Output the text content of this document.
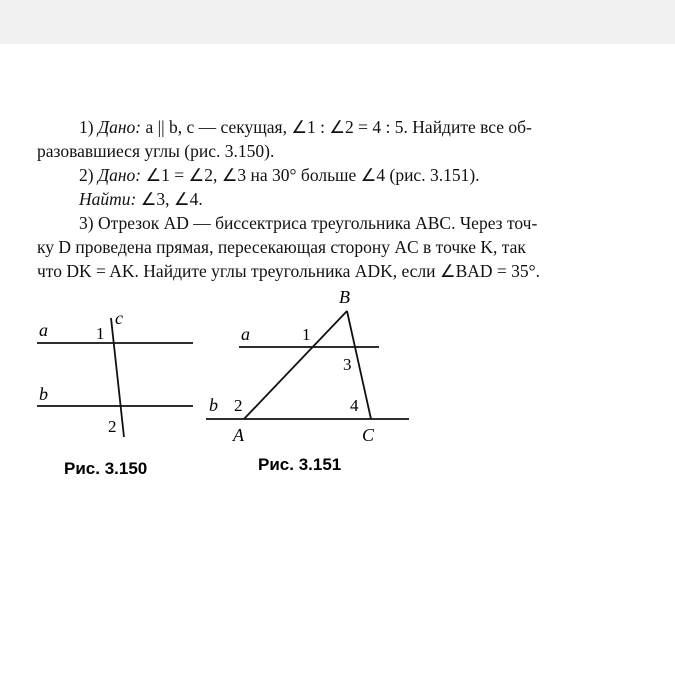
1) Дано: a || b, c — секущая, ∠1 : ∠2 = 4 : 5. Найдите все об-
разовавшиеся углы (рис. 3.150).
2) Дано: ∠1 = ∠2, ∠3 на 30° больше ∠4 (рис. 3.151).
Найти: ∠3, ∠4.
3) Отрезок AD — биссектриса треугольника ABC. Через точ-
ку D проведена прямая, пересекающая сторону AC в точке K, так
что DK = AK. Найдите углы треугольника ADK, если ∠BAD = 35°.
a
b
c
1
2
Рис. 3.150
B
A	C
a
b
1
2
3
4
Рис. 3.151
